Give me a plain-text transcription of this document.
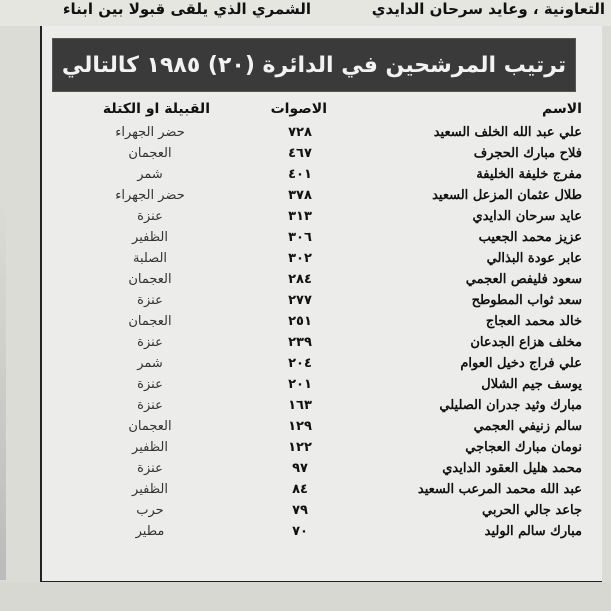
التعاونية ، وعايد سرحان الدايدي
الشمري الذي يلقى قبولا بين ابناء
ترتيب المرشحين في الدائرة (٢٠) ١٩٨٥ كالتالي
الاسم
الاصوات
القبيلة او الكتلة
علي عبد الله الخلف السعيد
٧٢٨
حضر الجهراء
فلاح مبارك الحجرف
٤٦٧
العجمان
مفرج خليفة الخليفة
٤٠١
شمر
طلال عثمان المزعل السعيد
٣٧٨
حضر الجهراء
عايد سرحان الدايدي
٣١٣
عنزة
عزيز محمد الجعيب
٣٠٦
الظفير
عابر عودة البذالي
٣٠٢
الصلبة
سعود فليفص العجمي
٢٨٤
العجمان
سعد ثواب المطوطح
٢٧٧
عنزة
خالد محمد العجاج
٢٥١
العجمان
مخلف هزاع الجدعان
٢٣٩
عنزة
علي فراج دخيل العوام
٢٠٤
شمر
يوسف جيم الشلال
٢٠١
عنزة
مبارك وثيد جدران الصليلي
١٦٣
عنزة
سالم زنيفي العجمي
١٢٩
العجمان
نومان مبارك العجاجي
١٢٢
الظفير
محمد هليل العقود الدايدي
٩٧
عنزة
عبد الله محمد المرعب السعيد
٨٤
الظفير
جاعد جالي الحربي
٧٩
حرب
مبارك سالم الوليد
٧٠
مطير
